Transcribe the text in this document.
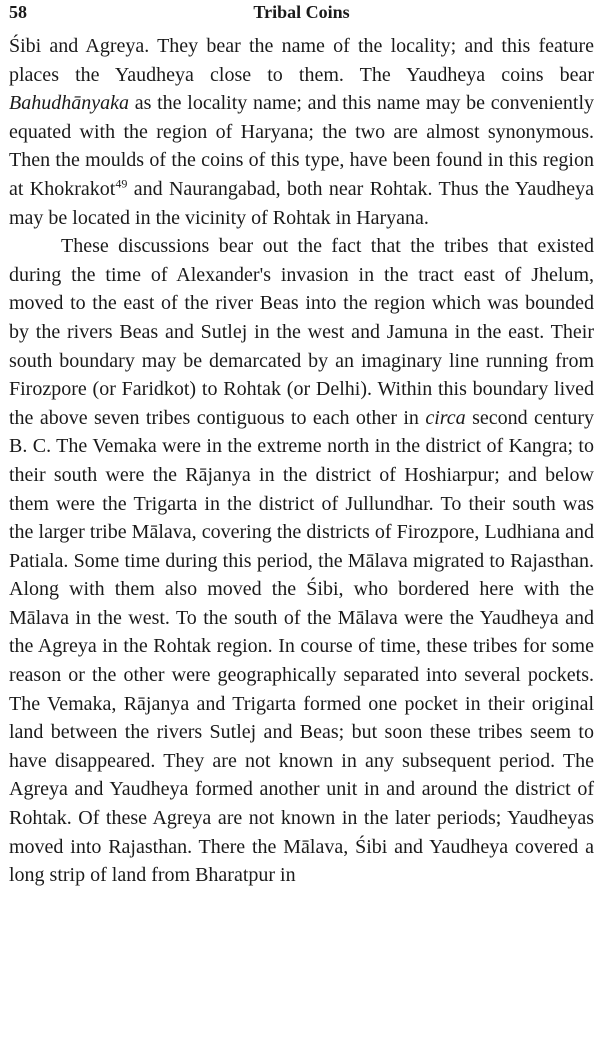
58	Tribal Coins

Śibi and Agreya. They bear the name of the locality; and this feature places the Yaudheya close to them. The Yaudheya coins bear Bahudhānyaka as the locality name; and this name may be conveniently equated with the region of Haryana; the two are almost synonymous. Then the moulds of the coins of this type, have been found in this region at Khokrakot$^{49}$ and Naurangabad, both near Rohtak. Thus the Yaudheya may be located in the vicinity of Rohtak in Haryana.

These discussions bear out the fact that the tribes that existed during the time of Alexander's invasion in the tract east of Jhelum, moved to the east of the river Beas into the region which was bounded by the rivers Beas and Sutlej in the west and Jamuna in the east. Their south boundary may be demarcated by an imaginary line running from Firozpore (or Faridkot) to Rohtak (or Delhi). Within this boundary lived the above seven tribes contiguous to each other in circa second century B. C. The Vemaka were in the extreme north in the district of Kangra; to their south were the Rājanya in the district of Hoshiarpur; and below them were the Trigarta in the district of Jullundhar. To their south was the larger tribe Mālava, covering the districts of Firozpore, Ludhiana and Patiala. Some time during this period, the Mālava migrated to Rajasthan. Along with them also moved the Śibi, who bordered here with the Mālava in the west. To the south of the Mālava were the Yaudheya and the Agreya in the Rohtak region. In course of time, these tribes for some reason or the other were geographically separated into several pockets. The Vemaka, Rājanya and Trigarta formed one pocket in their original land between the rivers Sutlej and Beas; but soon these tribes seem to have disappeared. They are not known in any subsequent period. The Agreya and Yaudheya formed another unit in and around the district of Rohtak. Of these Agreya are not known in the later periods; Yaudheyas moved into Rajasthan. There the Mālava, Śibi and Yaudheya covered a long strip of land from Bharatpur in
